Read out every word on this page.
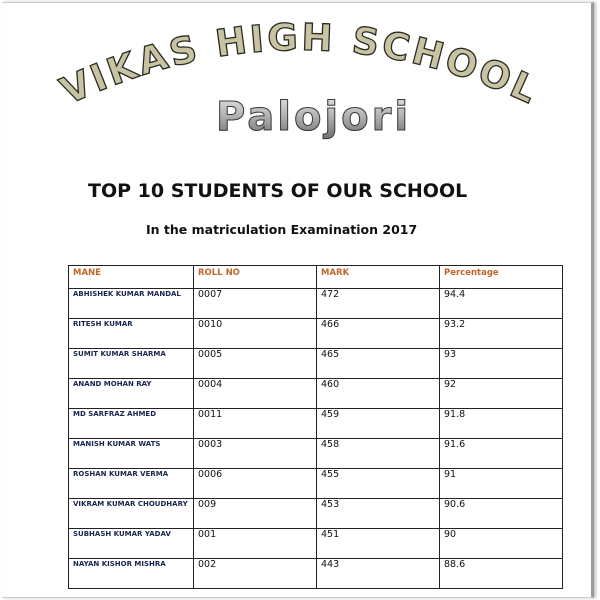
VIKAS HIGH SCHOOL
Palojori
TOP 10 STUDENTS OF OUR SCHOOL
In the matriculation Examination 2017
MANE	ROLL NO	MARK	Percentage
ABHISHEK KUMAR MANDAL	0007	472	94.4
RITESH KUMAR	0010	466	93.2
SUMIT KUMAR SHARMA	0005	465	93
ANAND MOHAN RAY	0004	460	92
MD SARFRAZ AHMED	0011	459	91.8
MANISH KUMAR WATS	0003	458	91.6
ROSHAN KUMAR VERMA	0006	455	91
VIKRAM KUMAR CHOUDHARY	009	453	90.6
SUBHASH KUMAR YADAV	001	451	90
NAYAN KISHOR MISHRA	002	443	88.6
